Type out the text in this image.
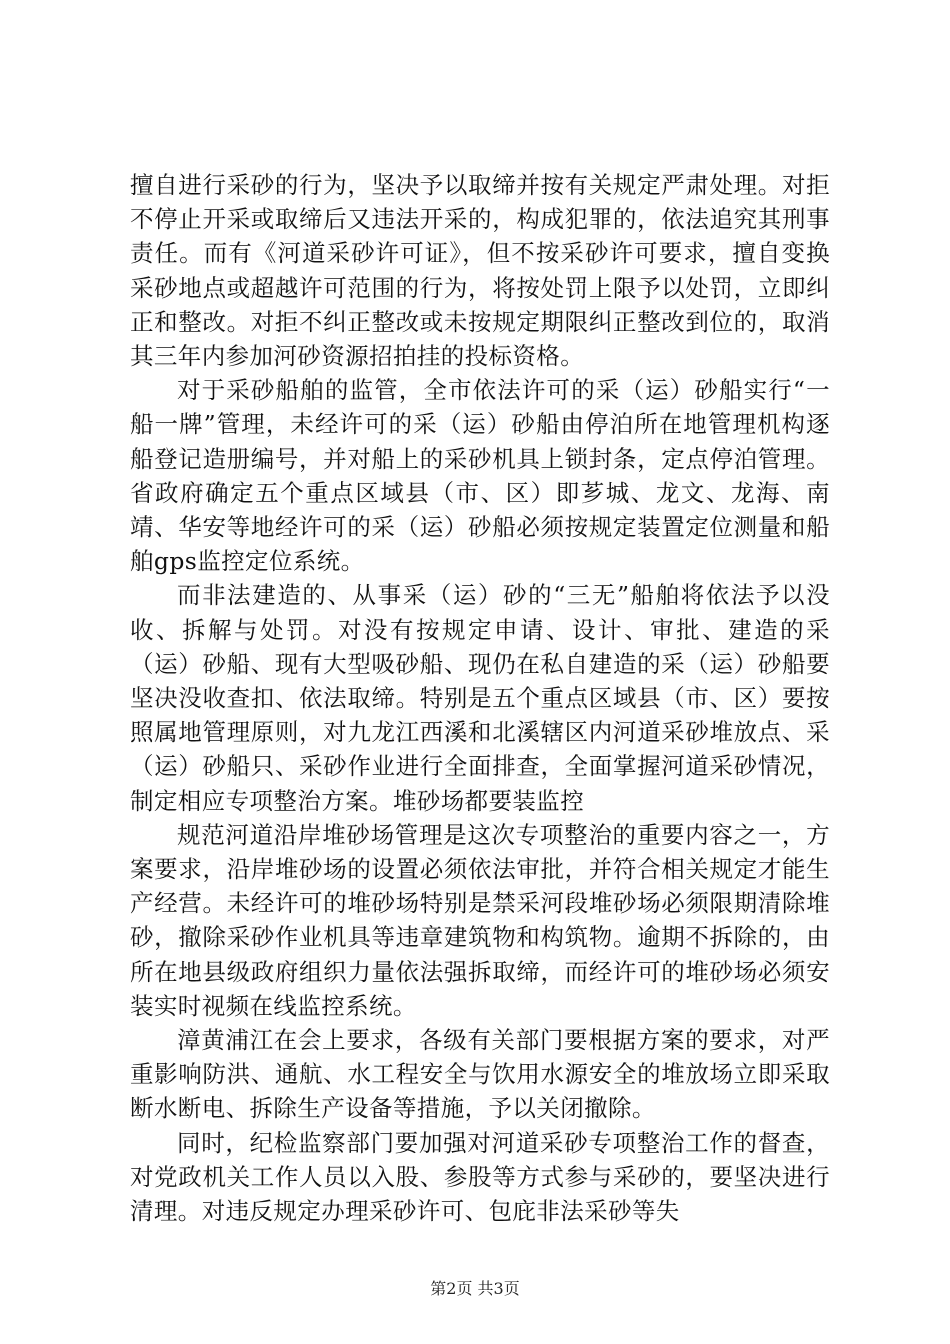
擅自进行采砂的行为，坚决予以取缔并按有关规定严肃处理。对拒不停止开采或取缔后又违法开采的，构成犯罪的，依法追究其刑事责任。而有《河道采砂许可证》，但不按采砂许可要求，擅自变换采砂地点或超越许可范围的行为，将按处罚上限予以处罚，立即纠正和整改。对拒不纠正整改或未按规定期限纠正整改到位的，取消其三年内参加河砂资源招拍挂的投标资格。

对于采砂船舶的监管，全市依法许可的采（运）砂船实行“一船一牌”管理，未经许可的采（运）砂船由停泊所在地管理机构逐船登记造册编号，并对船上的采砂机具上锁封条，定点停泊管理。省政府确定五个重点区域县（市、区）即芗城、龙文、龙海、南靖、华安等地经许可的采（运）砂船必须按规定装置定位测量和船舶gps监控定位系统。

而非法建造的、从事采（运）砂的“三无”船舶将依法予以没收、拆解与处罚。对没有按规定申请、设计、审批、建造的采（运）砂船、现有大型吸砂船、现仍在私自建造的采（运）砂船要坚决没收查扣、依法取缔。特别是五个重点区域县（市、区）要按照属地管理原则，对九龙江西溪和北溪辖区内河道采砂堆放点、采（运）砂船只、采砂作业进行全面排查，全面掌握河道采砂情况，制定相应专项整治方案。堆砂场都要装监控

规范河道沿岸堆砂场管理是这次专项整治的重要内容之一，方案要求，沿岸堆砂场的设置必须依法审批，并符合相关规定才能生产经营。未经许可的堆砂场特别是禁采河段堆砂场必须限期清除堆砂，撤除采砂作业机具等违章建筑物和构筑物。逾期不拆除的，由所在地县级政府组织力量依法强拆取缔，而经许可的堆砂场必须安装实时视频在线监控系统。

漳黄浦江在会上要求，各级有关部门要根据方案的要求，对严重影响防洪、通航、水工程安全与饮用水源安全的堆放场立即采取断水断电、拆除生产设备等措施，予以关闭撤除。

同时，纪检监察部门要加强对河道采砂专项整治工作的督查，对党政机关工作人员以入股、参股等方式参与采砂的，要坚决进行清理。对违反规定办理采砂许可、包庇非法采砂等失

第2页 共3页
